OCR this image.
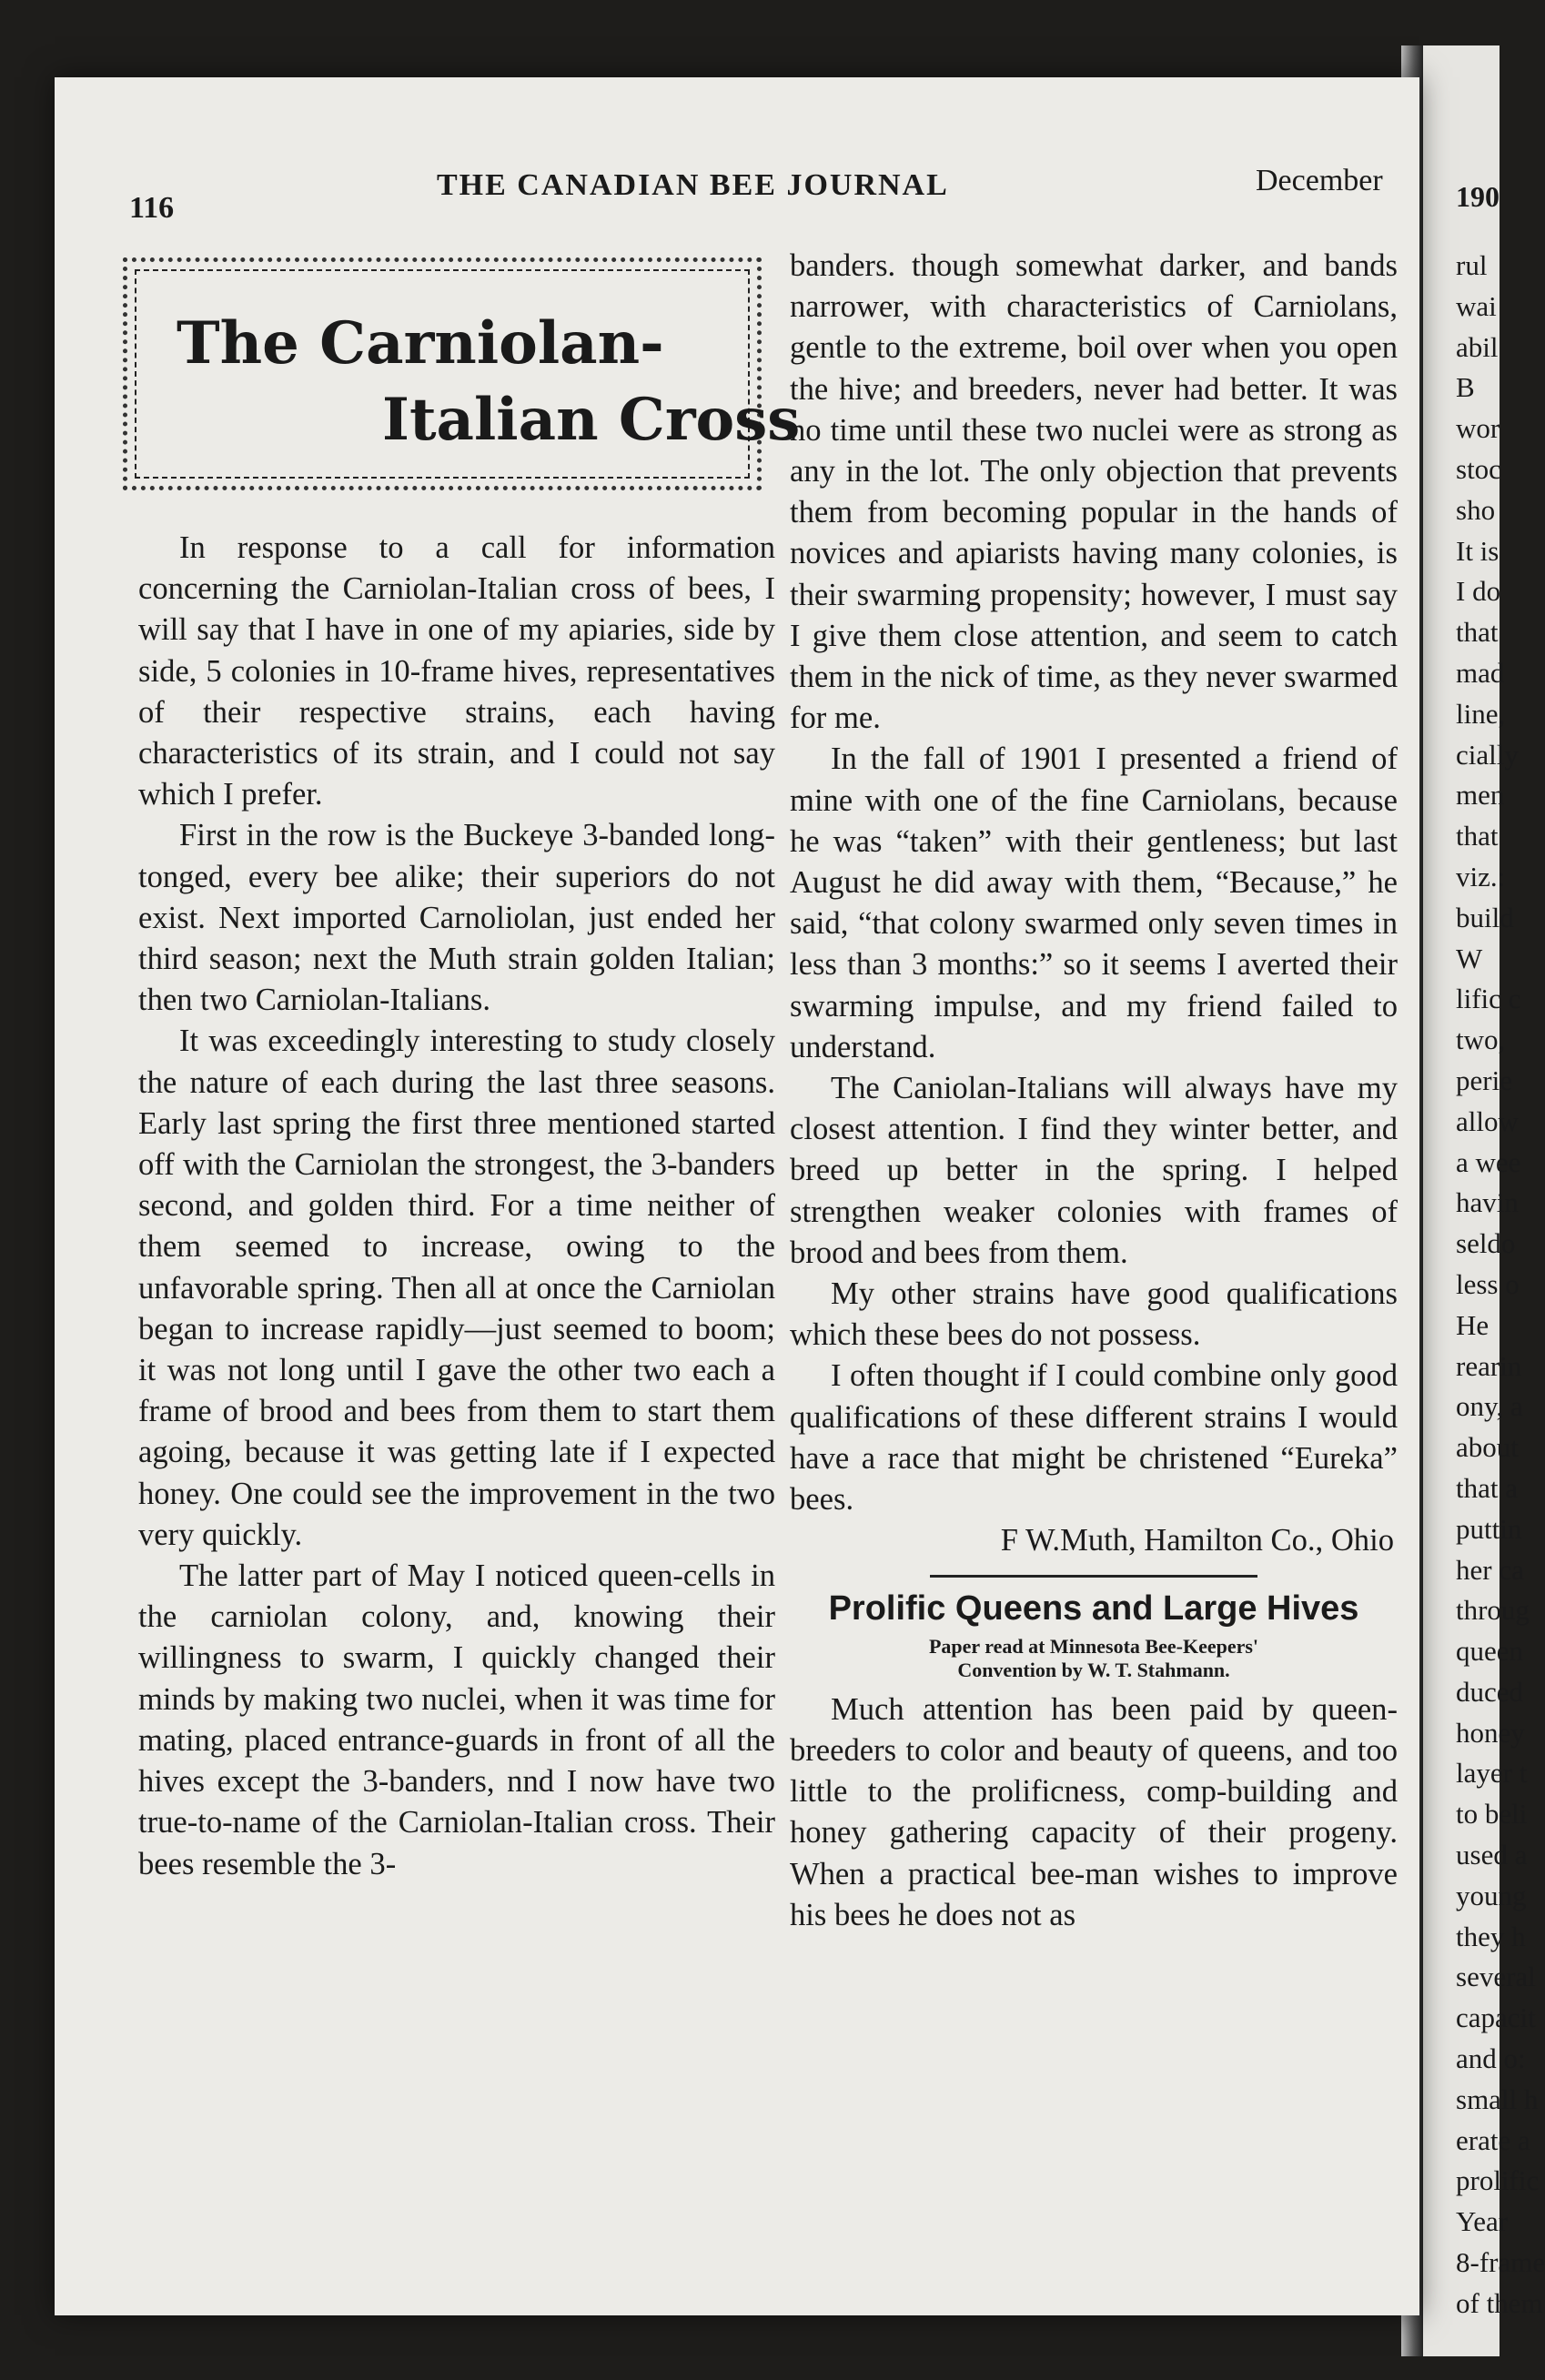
116
THE CANADIAN BEE JOURNAL	December
The Carniolan-
Italian Cross

In response to a call for information concerning the Carniolan-Italian cross of bees, I will say that I have in one of my apiaries, side by side, 5 colonies in 10-frame hives, representatives of their respective strains, each having characteristics of its strain, and I could not say which I prefer.

First in the row is the Buckeye 3-banded long-tonged, every bee alike; their superiors do not exist. Next imported Carnoliolan, just ended her third season; next the Muth strain golden Italian; then two Carniolan-Italians.

It was exceedingly interesting to study closely the nature of each during the last three seasons. Early last spring the first three mentioned started off with the Carniolan the strongest, the 3-banders second, and golden third. For a time neither of them seemed to increase, owing to the unfavorable spring. Then all at once the Carniolan began to increase rapidly—just seemed to boom; it was not long until I gave the other two each a frame of brood and bees from them to start them agoing, because it was getting late if I expected honey. One could see the improvement in the two very quickly.

The latter part of May I noticed queen-cells in the carniolan colony, and, knowing their willingness to swarm, I quickly changed their minds by making two nuclei, when it was time for mating, placed entrance-guards in front of all the hives except the 3-banders, nnd I now have two true-to-name of the Carniolan-Italian cross. Their bees resemble the 3-

banders. though somewhat darker, and bands narrower, with characteristics of Carniolans, gentle to the extreme, boil over when you open the hive; and breeders, never had better. It was no time until these two nuclei were as strong as any in the lot. The only objection that prevents them from becoming popular in the hands of novices and apiarists having many colonies, is their swarming propensity; however, I must say I give them close attention, and seem to catch them in the nick of time, as they never swarmed for me.

In the fall of 1901 I presented a friend of mine with one of the fine Carniolans, because he was “taken” with their gentleness; but last August he did away with them, “Because,” he said, “that colony swarmed only seven times in less than 3 months:” so it seems I averted their swarming impulse, and my friend failed to understand.

The Caniolan-Italians will always have my closest attention. I find they winter better, and breed up better in the spring. I helped strengthen weaker colonies with frames of brood and bees from them.

My other strains have good qualifications which these bees do not possess.

I often thought if I could combine only good qualifications of these different strains I would have a race that might be christened “Eureka” bees.

F W.Muth, Hamilton Co., Ohio
Prolific Queens and Large Hives
Paper read at Minnesota Bee-Keepers'
Convention by W. T. Stahmann.

Much attention has been paid by queen-breeders to color and beauty of queens, and too little to the prolificness, comp-building and honey gathering capacity of their progeny. When a practical bee-man wishes to improve his bees he does not as

190
rul
wai
abil
B
wor
stoc
sho
It is
I do
that
mad
line,
cially
men
that
viz.:
build
W
lific c
two,
perie
allow
a wee
havin
seldo
less o
He
rearin
ony, a
about
that a
puttin
her ca
throug
queen
duced
honey
layer t
to beli
used a
young
they h
several
capacit
and o:
small h
erate a
prolific
Year
8-frame
of them
